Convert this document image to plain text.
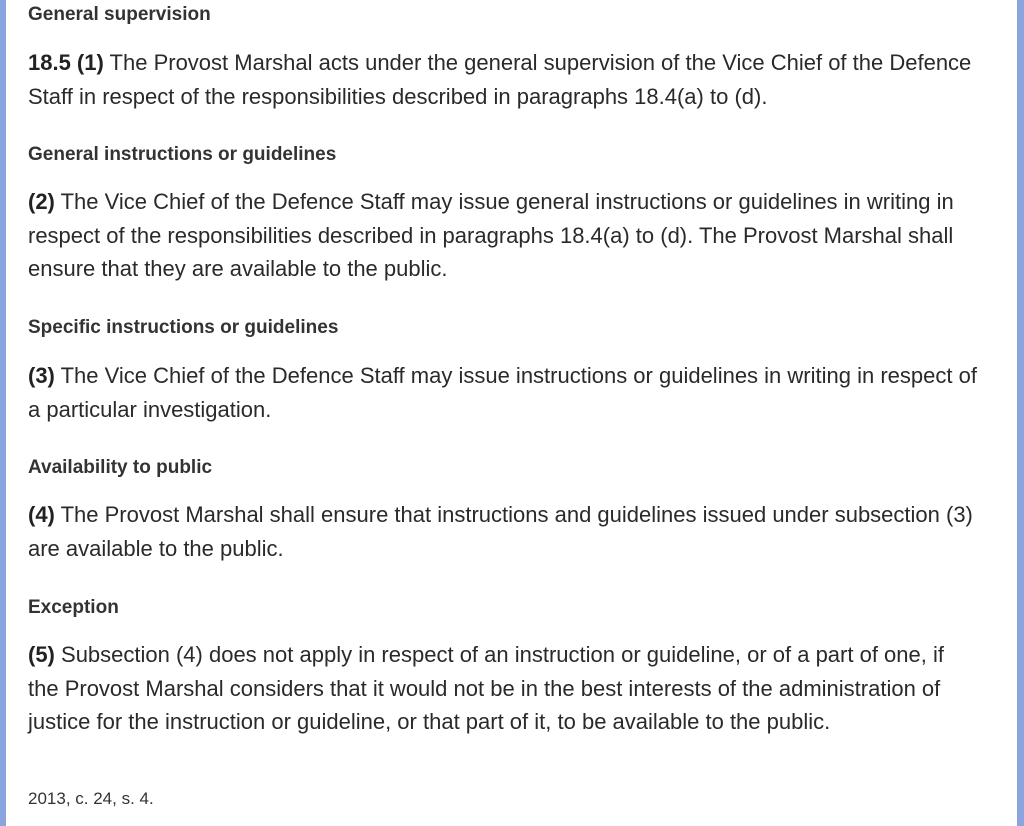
General supervision
18.5 (1) The Provost Marshal acts under the general supervision of the Vice Chief of the Defence Staff in respect of the responsibilities described in paragraphs 18.4(a) to (d).
General instructions or guidelines
(2) The Vice Chief of the Defence Staff may issue general instructions or guidelines in writing in respect of the responsibilities described in paragraphs 18.4(a) to (d). The Provost Marshal shall ensure that they are available to the public.
Specific instructions or guidelines
(3) The Vice Chief of the Defence Staff may issue instructions or guidelines in writing in respect of a particular investigation.
Availability to public
(4) The Provost Marshal shall ensure that instructions and guidelines issued under subsection (3) are available to the public.
Exception
(5) Subsection (4) does not apply in respect of an instruction or guideline, or of a part of one, if the Provost Marshal considers that it would not be in the best interests of the administration of justice for the instruction or guideline, or that part of it, to be available to the public.
2013, c. 24, s. 4.
